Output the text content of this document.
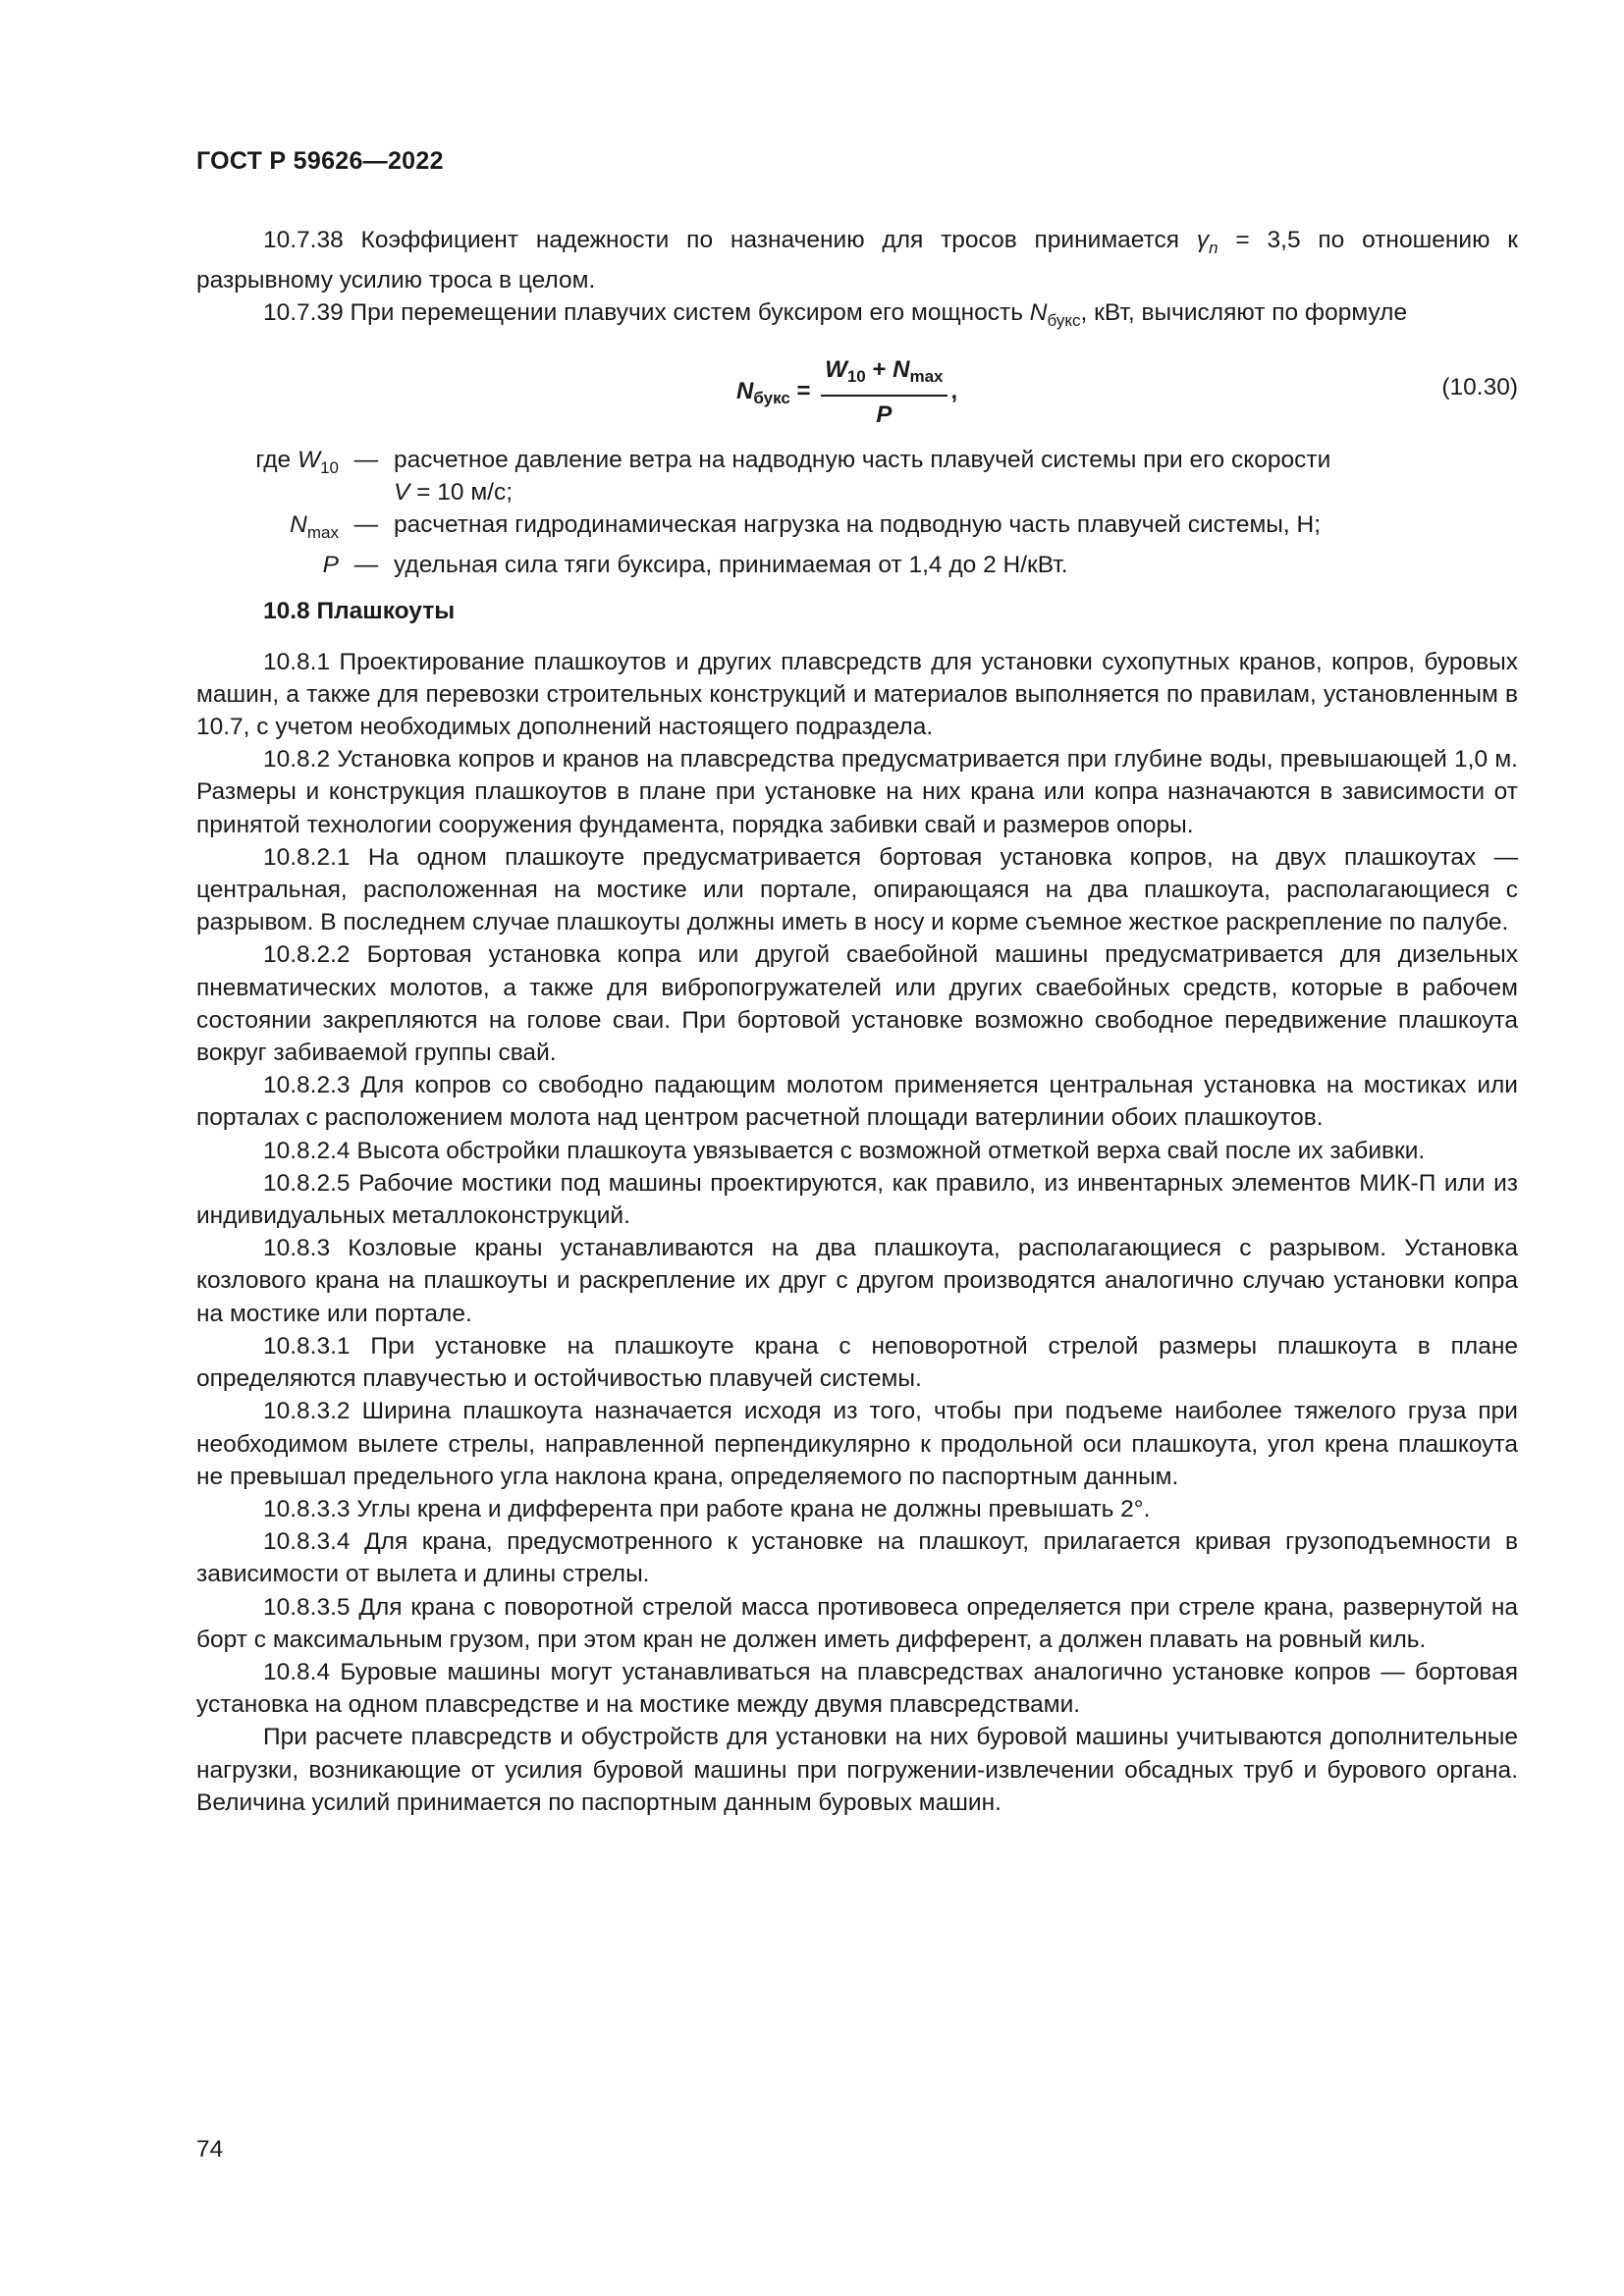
ГОСТ Р 59626—2022

10.7.38 Коэффициент надежности по назначению для тросов принимается $\gamma_n = 3,5$ по отношению к разрывному усилию троса в целом.

10.7.39 При перемещении плавучих систем буксиром его мощность $N_{букс}$, кВт, вычисляют по формуле

$N_{букс} = \frac{W_{10} + N_{max}}{P}$ ,	(10.30)
где $W_{10}$ — расчетное давление ветра на надводную часть плавучей системы при его скорости
V = 10 м/с;
$N_{max}$ — расчетная гидродинамическая нагрузка на подводную часть плавучей системы, Н;
P — удельная сила тяги буксира, принимаемая от 1,4 до 2 Н/кВт.

10.8 Плашкоуты

10.8.1 Проектирование плашкоутов и других плавсредств для установки сухопутных кранов, копров, буровых машин, а также для перевозки строительных конструкций и материалов выполняется по правилам, установленным в 10.7, с учетом необходимых дополнений настоящего подраздела.

10.8.2 Установка копров и кранов на плавсредства предусматривается при глубине воды, превышающей 1,0 м. Размеры и конструкция плашкоутов в плане при установке на них крана или копра назначаются в зависимости от принятой технологии сооружения фундамента, порядка забивки свай и размеров опоры.

10.8.2.1 На одном плашкоуте предусматривается бортовая установка копров, на двух плашкоутах — центральная, расположенная на мостике или портале, опирающаяся на два плашкоута, располагающиеся с разрывом. В последнем случае плашкоуты должны иметь в носу и корме съемное жесткое раскрепление по палубе.

10.8.2.2 Бортовая установка копра или другой сваебойной машины предусматривается для дизельных пневматических молотов, а также для вибропогружателей или других сваебойных средств, которые в рабочем состоянии закрепляются на голове сваи. При бортовой установке возможно свободное передвижение плашкоута вокруг забиваемой группы свай.

10.8.2.3 Для копров со свободно падающим молотом применяется центральная установка на мостиках или порталах с расположением молота над центром расчетной площади ватерлинии обоих плашкоутов.

10.8.2.4 Высота обстройки плашкоута увязывается с возможной отметкой верха свай после их забивки.

10.8.2.5 Рабочие мостики под машины проектируются, как правило, из инвентарных элементов МИК-П или из индивидуальных металлоконструкций.

10.8.3 Козловые краны устанавливаются на два плашкоута, располагающиеся с разрывом. Установка козлового крана на плашкоуты и раскрепление их друг с другом производятся аналогично случаю установки копра на мостике или портале.

10.8.3.1 При установке на плашкоуте крана с неповоротной стрелой размеры плашкоута в плане определяются плавучестью и остойчивостью плавучей системы.

10.8.3.2 Ширина плашкоута назначается исходя из того, чтобы при подъеме наиболее тяжелого груза при необходимом вылете стрелы, направленной перпендикулярно к продольной оси плашкоута, угол крена плашкоута не превышал предельного угла наклона крана, определяемого по паспортным данным.

10.8.3.3 Углы крена и дифферента при работе крана не должны превышать 2°.

10.8.3.4 Для крана, предусмотренного к установке на плашкоут, прилагается кривая грузоподъемности в зависимости от вылета и длины стрелы.

10.8.3.5 Для крана с поворотной стрелой масса противовеса определяется при стреле крана, развернутой на борт с максимальным грузом, при этом кран не должен иметь дифферент, а должен плавать на ровный киль.

10.8.4 Буровые машины могут устанавливаться на плавсредствах аналогично установке копров — бортовая установка на одном плавсредстве и на мостике между двумя плавсредствами.

При расчете плавсредств и обустройств для установки на них буровой машины учитываются дополнительные нагрузки, возникающие от усилия буровой машины при погружении-извлечении обсадных труб и бурового органа. Величина усилий принимается по паспортным данным буровых машин.

74
